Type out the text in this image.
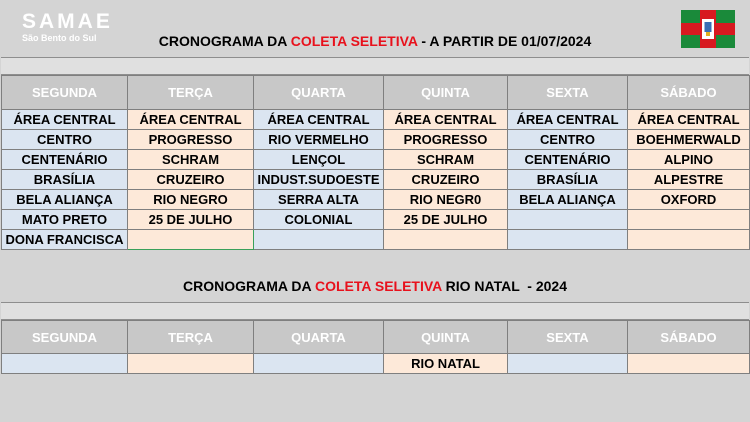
SAMAE
São Bento do Sul	CRONOGRAMA DA COLETA SELETIVA - A PARTIR DE 01/07/2024
SEGUNDA	TERÇA	QUARTA	QUINTA	SEXTA	SÁBADO
ÁREA CENTRAL	ÁREA CENTRAL	ÁREA CENTRAL	ÁREA CENTRAL	ÁREA CENTRAL	ÁREA CENTRAL
CENTRO	PROGRESSO	RIO VERMELHO	PROGRESSO	CENTRO	BOEHMERWALD
CENTENÁRIO	SCHRAM	LENÇOL	SCHRAM	CENTENÁRIO	ALPINO
BRASÍLIA	CRUZEIRO	INDUST.SUDOESTE	CRUZEIRO	BRASÍLIA	ALPESTRE
BELA ALIANÇA	RIO NEGRO	SERRA ALTA	RIO NEGR0	BELA ALIANÇA	OXFORD
MATO PRETO	25 DE JULHO	COLONIAL	25 DE JULHO		
DONA FRANCISCA					
CRONOGRAMA DA COLETA SELETIVA RIO NATAL  - 2024
SEGUNDA	TERÇA	QUARTA	QUINTA	SEXTA	SÁBADO
			RIO NATAL		
